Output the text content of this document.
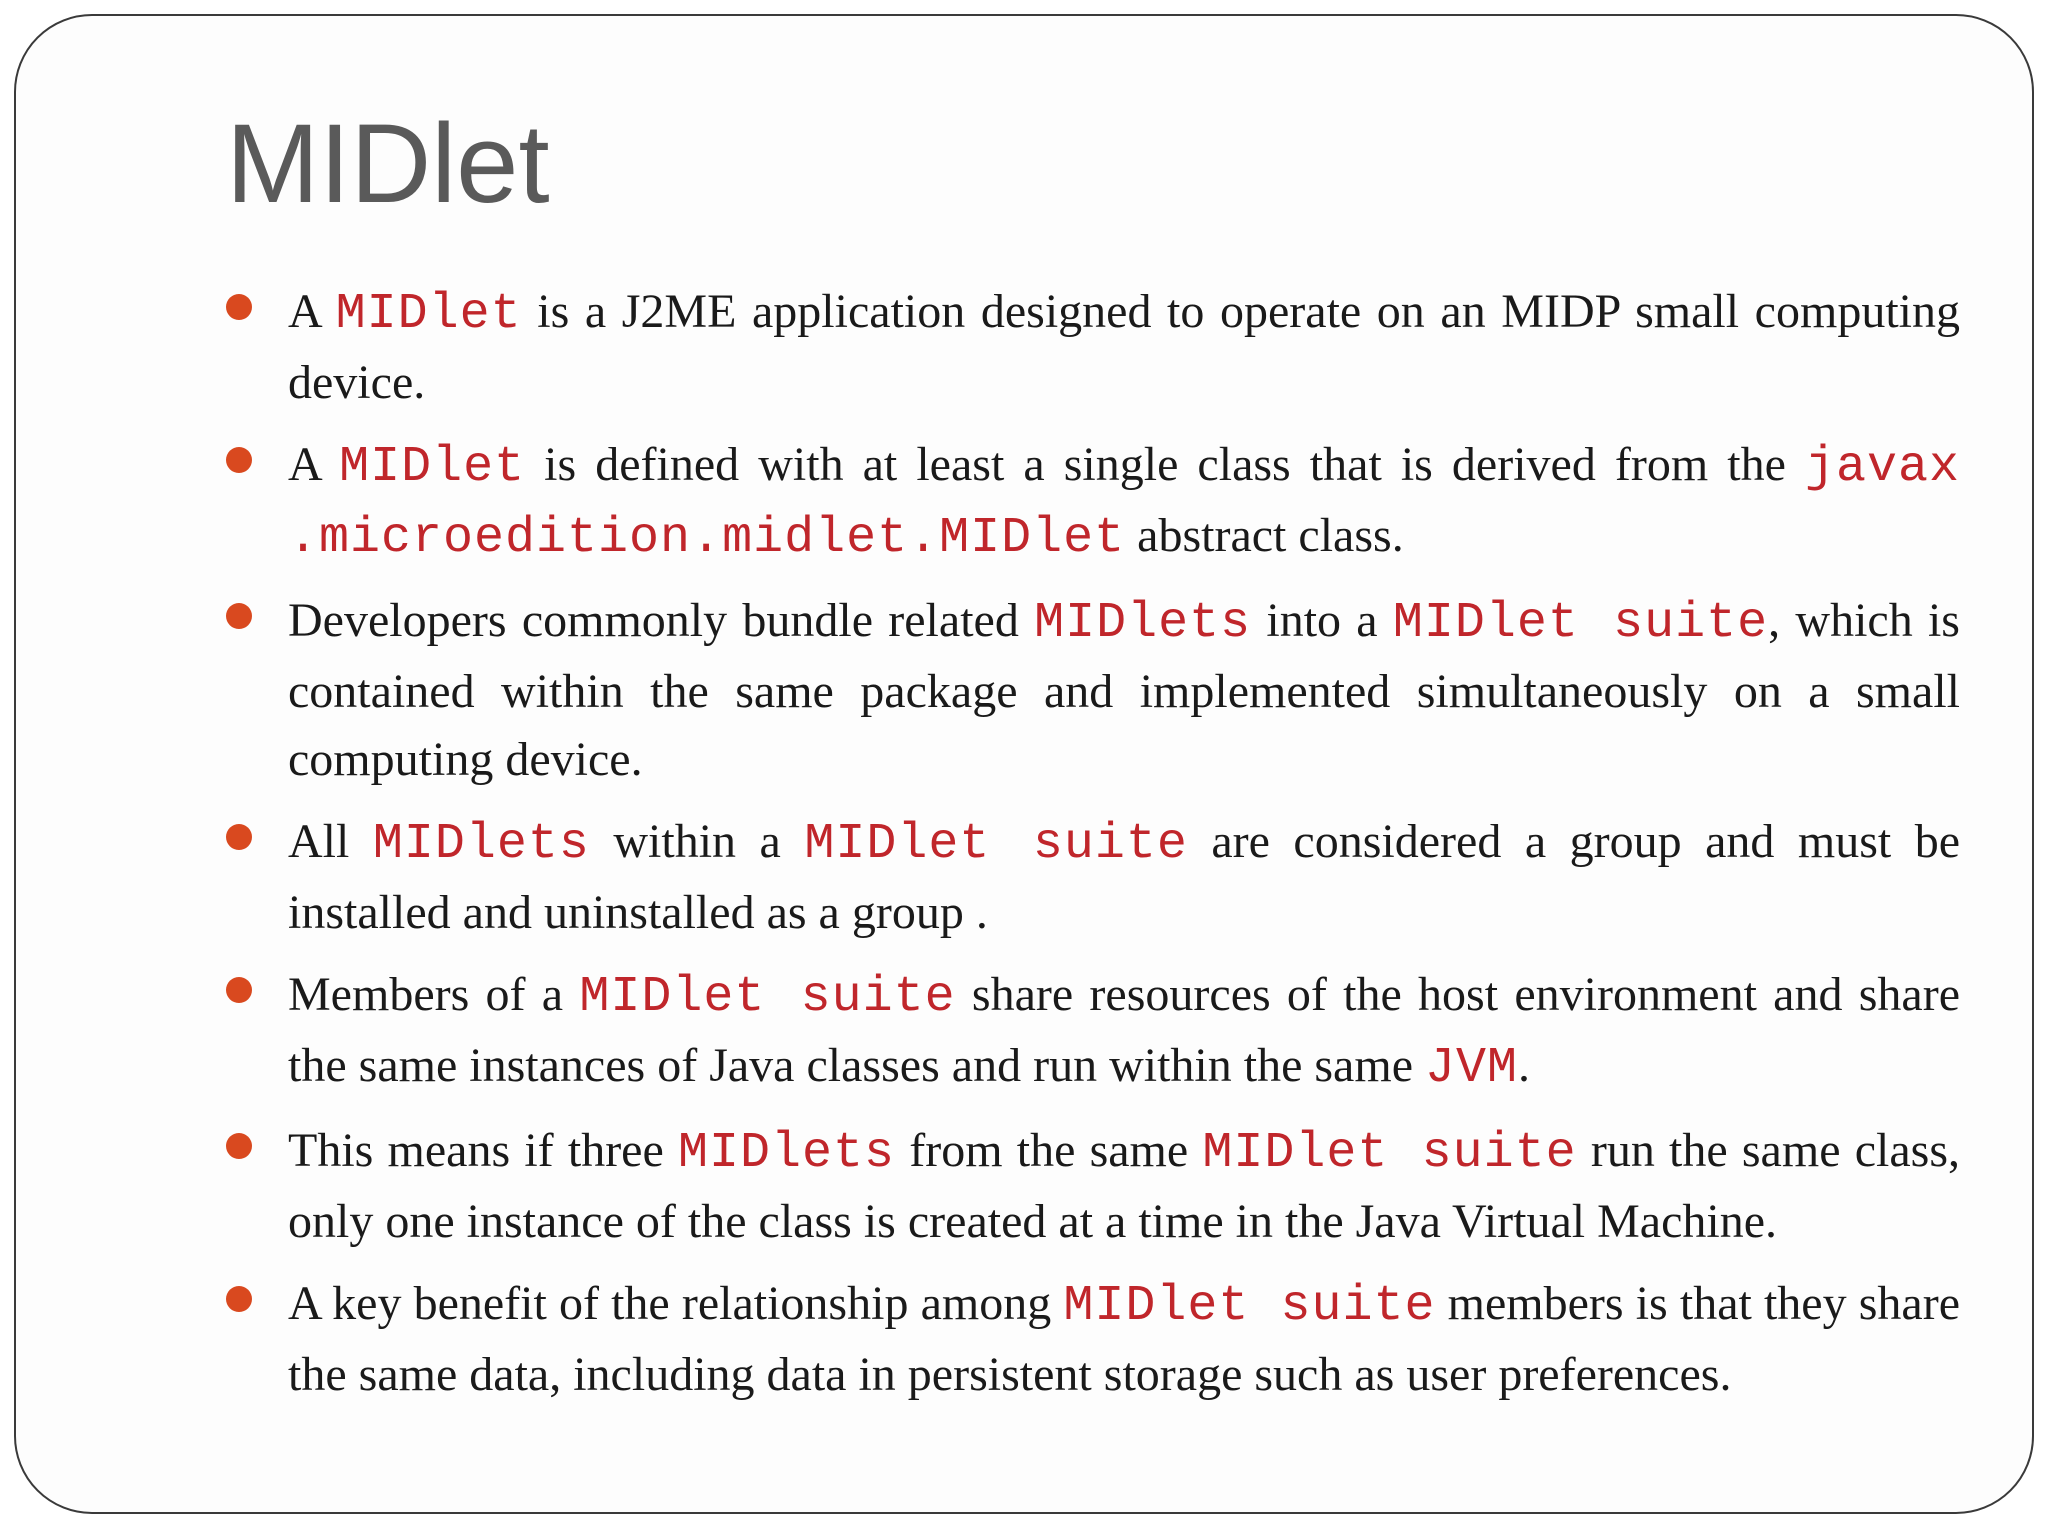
MIDlet
A MIDlet is a J2ME application designed to operate on an MIDP small computing device.
A MIDlet is defined with at least a single class that is derived from the javax .microedition.midlet.MIDlet abstract class.
Developers commonly bundle related MIDlets into a MIDlet suite, which is contained within the same package and implemented simultaneously on a small computing device.
All MIDlets within a MIDlet suite are considered a group and must be installed and uninstalled as a group .
Members of a MIDlet suite share resources of the host environment and share the same instances of Java classes and run within the same JVM.
This means if three MIDlets from the same MIDlet suite run the same class, only one instance of the class is created at a time in the Java Virtual Machine.
A key benefit of the relationship among MIDlet suite members is that they share the same data, including data in persistent storage such as user preferences.
